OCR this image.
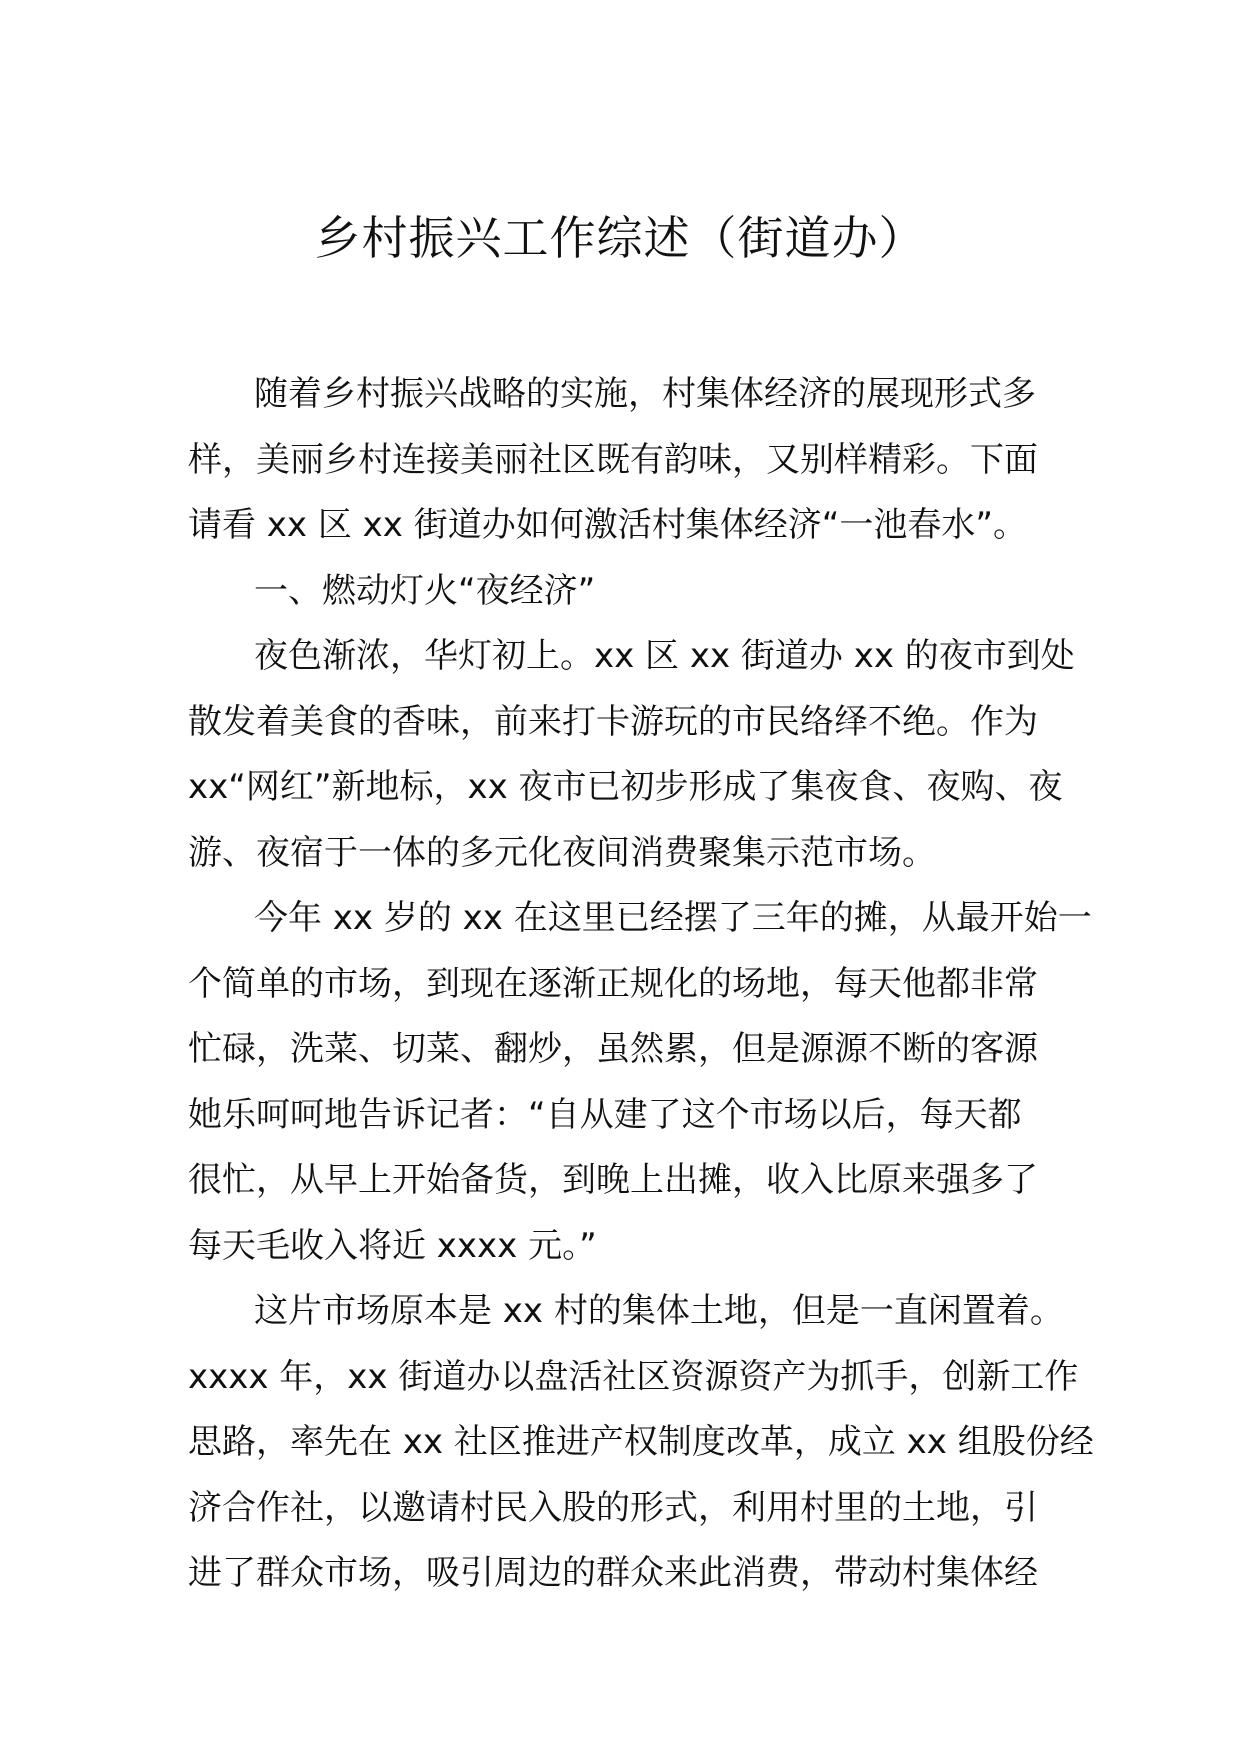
乡村振兴工作综述（街道办）
随着乡村振兴战略的实施，村集体经济的展现形式多
样，美丽乡村连接美丽社区既有韵味，又别样精彩。下面
请看 xx 区 xx 街道办如何激活村集体经济“一池春水”。
一、燃动灯火“夜经济”
夜色渐浓，华灯初上。xx 区 xx 街道办 xx 的夜市到处
散发着美食的香味，前来打卡游玩的市民络绎不绝。作为
xx“网红”新地标，xx 夜市已初步形成了集夜食、夜购、夜
游、夜宿于一体的多元化夜间消费聚集示范市场。
今年 xx 岁的 xx 在这里已经摆了三年的摊，从最开始一
个简单的市场，到现在逐渐正规化的场地，每天他都非常
忙碌，洗菜、切菜、翻炒，虽然累，但是源源不断的客源
她乐呵呵地告诉记者：“自从建了这个市场以后，每天都
很忙，从早上开始备货，到晚上出摊，收入比原来强多了
每天毛收入将近 xxxx 元。”
这片市场原本是 xx 村的集体土地，但是一直闲置着。
xxxx 年，xx 街道办以盘活社区资源资产为抓手，创新工作
思路，率先在 xx 社区推进产权制度改革，成立 xx 组股份经
济合作社，以邀请村民入股的形式，利用村里的土地，引
进了群众市场，吸引周边的群众来此消费，带动村集体经
